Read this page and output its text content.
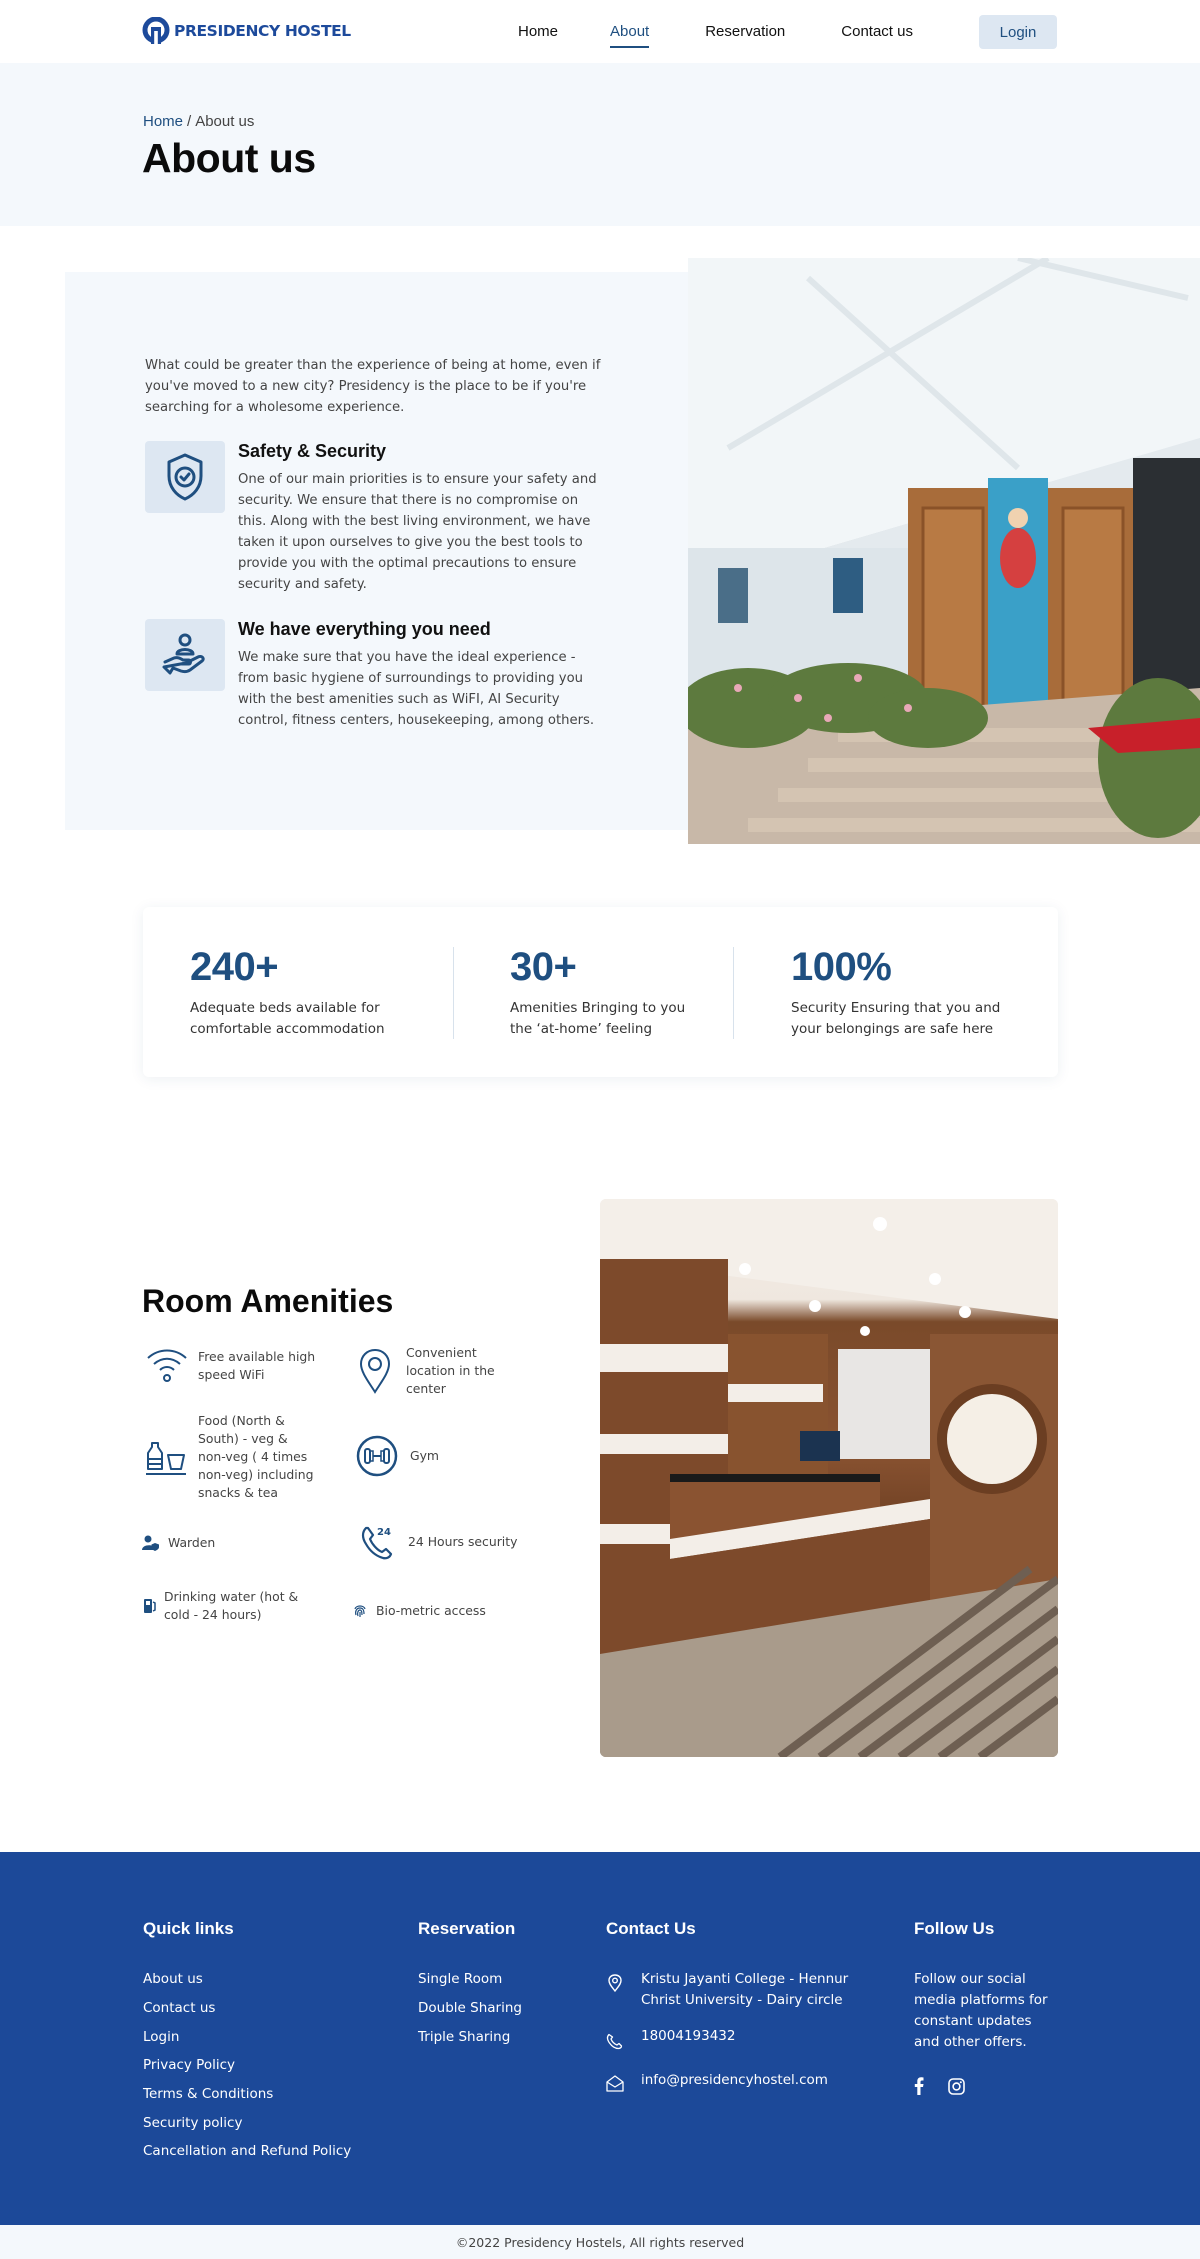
PRESIDENCY HOSTEL	Home	About	Reservation	Contact us	Login
Home / About us
About us

What could be greater than the experience of being at home, even if you've moved to a new city? Presidency is the place to be if you're searching for a wholesome experience.

Safety & Security

One of our main priorities is to ensure your safety and security. We ensure that there is no compromise on this. Along with the best living environment, we have taken it upon ourselves to give you the best tools to provide you with the optimal precautions to ensure security and safety.

We have everything you need

We make sure that you have the ideal experience - from basic hygiene of surroundings to providing you with the best amenities such as WiFI, AI Security control, fitness centers, housekeeping, among others.

240+
Adequate beds available for comfortable accommodation
30+
Amenities Bringing to you the ‘at-home’ feeling
100%
Security Ensuring that you and your belongings are safe here
Room Amenities
Free available high speed WiFi
Convenient location in the center
Food (North & South) - veg & non-veg ( 4 times non-veg) including snacks & tea
Gym
Warden
24
24 Hours security
Drinking water (hot & cold - 24 hours)	Bio-metric access
Quick links
About us
Contact us
Login
Privacy Policy
Terms & Conditions
Security policy
Cancellation and Refund Policy
Reservation
Single Room
Double Sharing
Triple Sharing
Contact Us
Kristu Jayanti College - Hennur
Christ University - Dairy circle
18004193432
info@presidencyhostel.com
Follow Us

Follow our social media platforms for constant updates and other offers.

©2022 Presidency Hostels, All rights reserved
